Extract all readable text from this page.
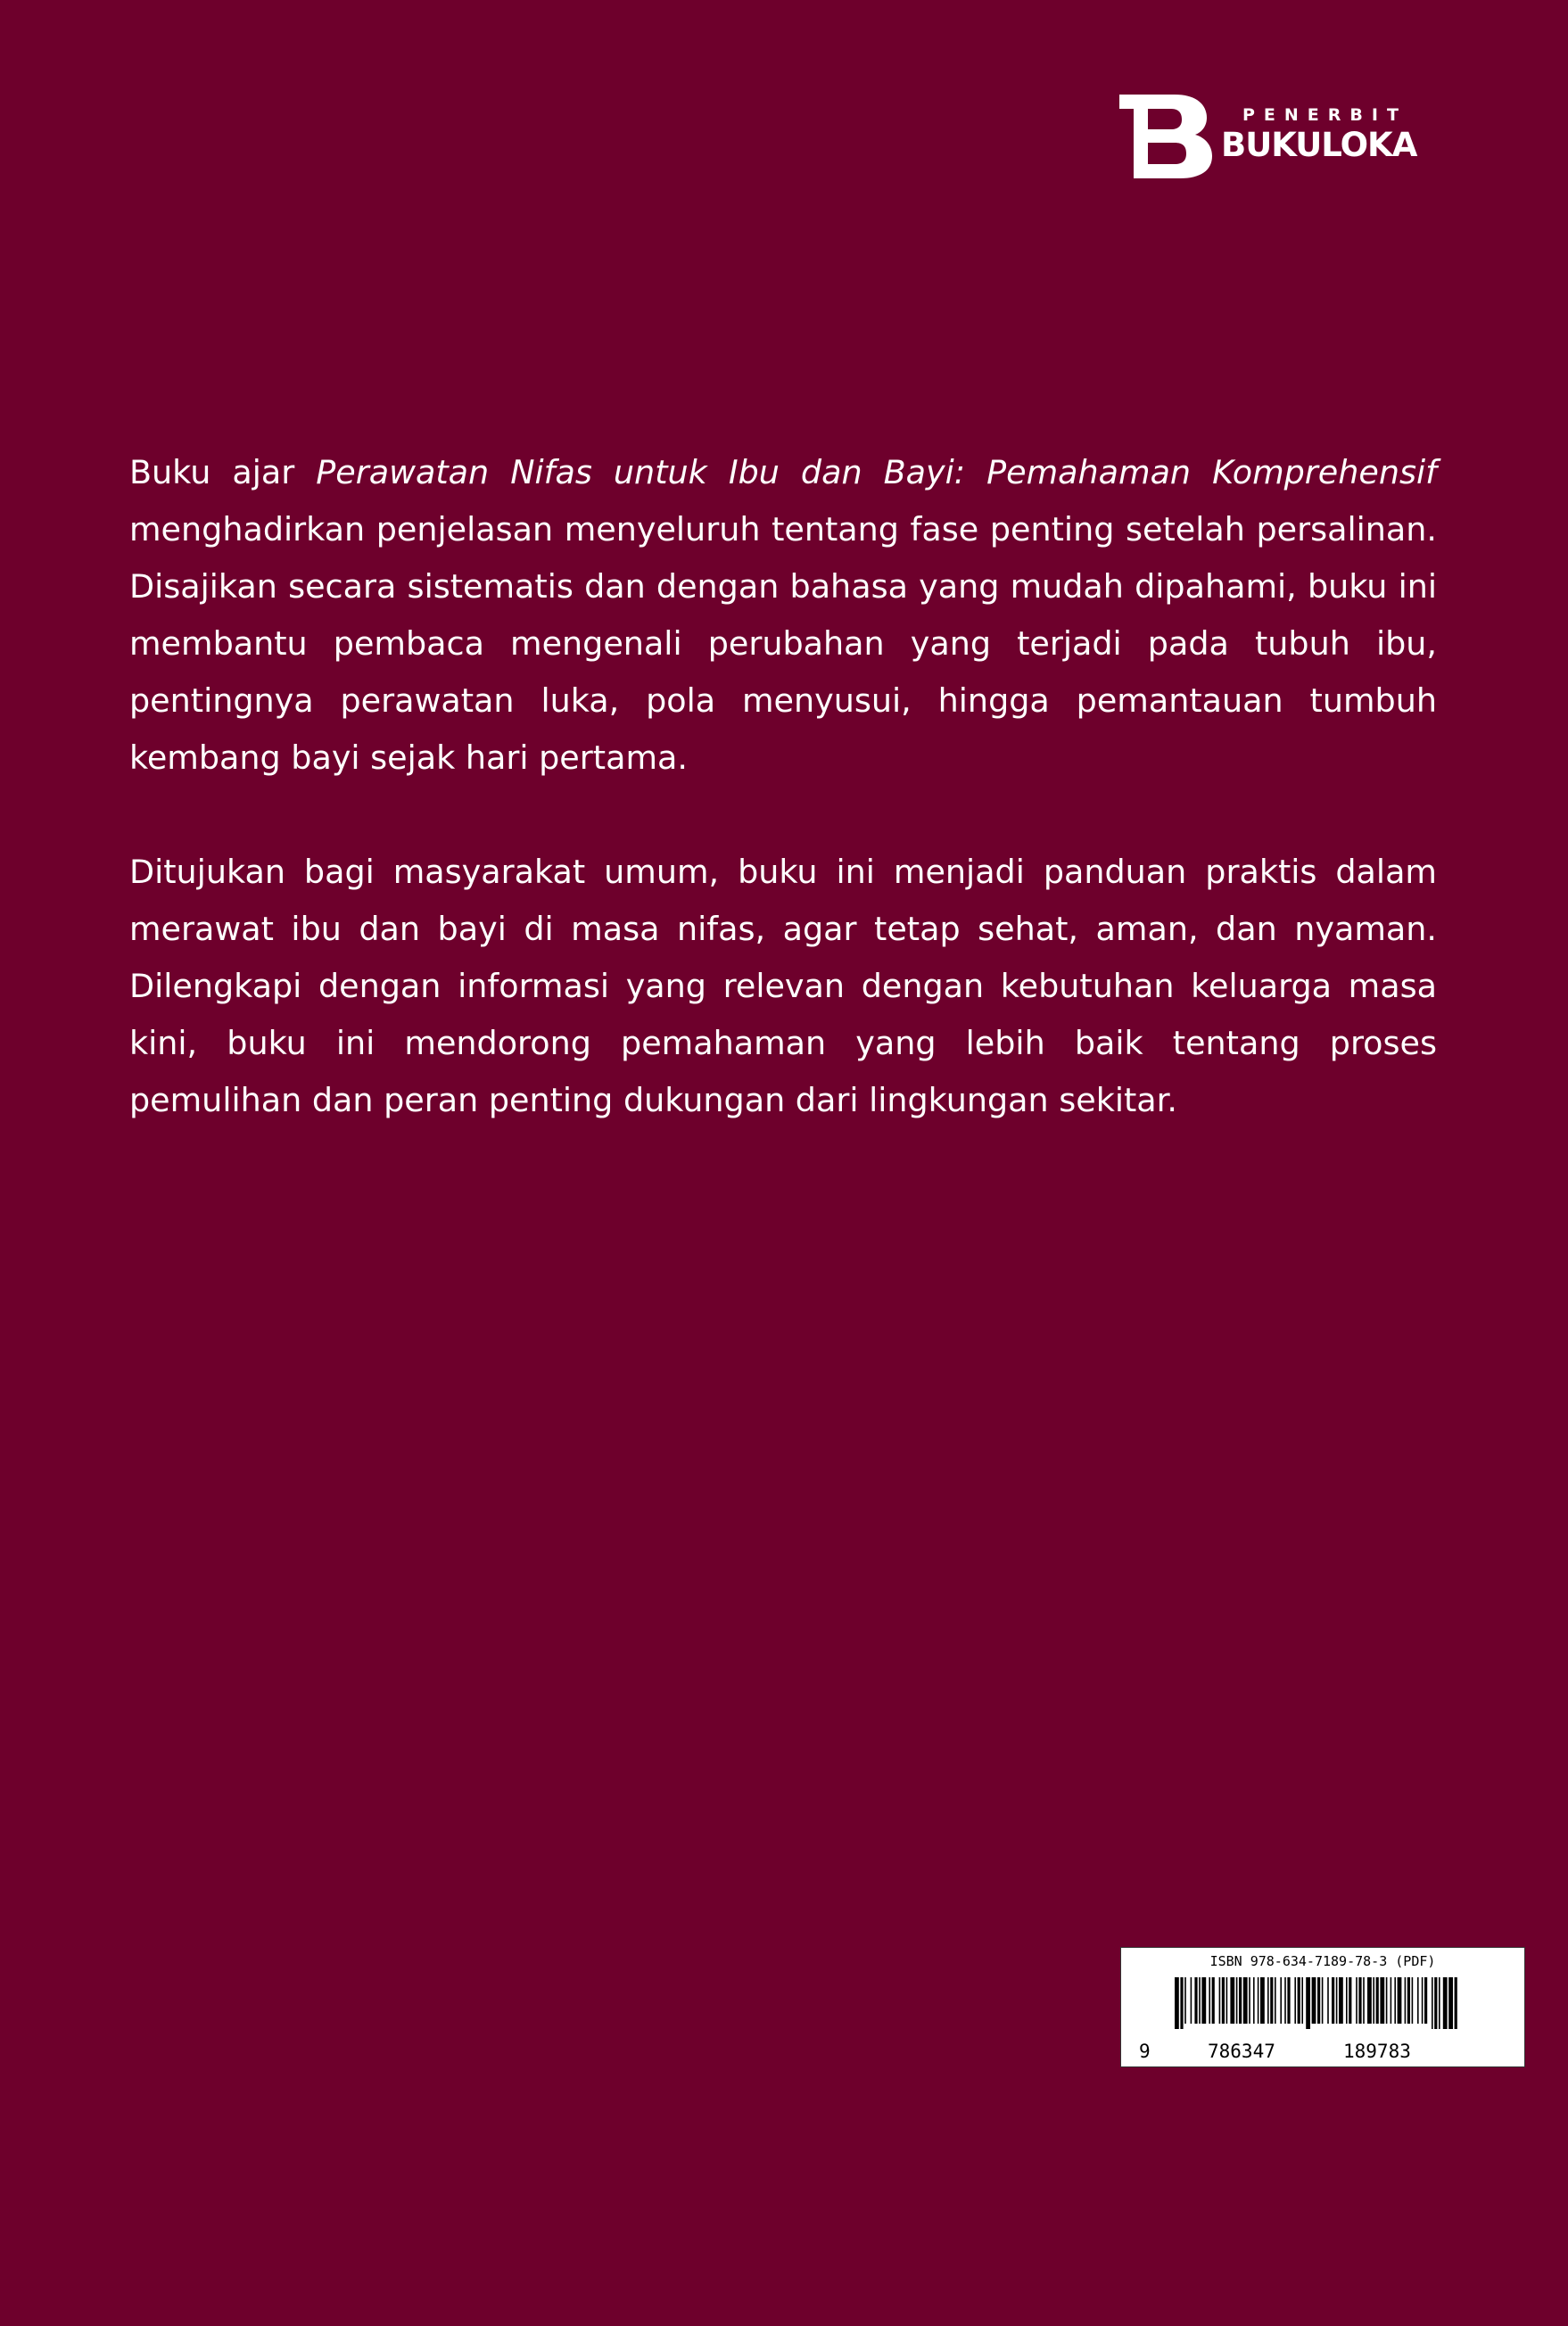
PENERBIT
BUKULOKA

Buku ajar Perawatan Nifas untuk Ibu dan Bayi: Pemahaman Komprehensif menghadirkan penjelasan menyeluruh tentang fase penting setelah persalinan. Disajikan secara sistematis dan dengan bahasa yang mudah dipahami, buku ini membantu pembaca mengenali perubahan yang terjadi pada tubuh ibu, pentingnya perawatan luka, pola menyusui, hingga pemantauan tumbuh kembang bayi sejak hari pertama.

Ditujukan bagi masyarakat umum, buku ini menjadi panduan praktis dalam merawat ibu dan bayi di masa nifas, agar tetap sehat, aman, dan nyaman. Dilengkapi dengan informasi yang relevan dengan kebutuhan keluarga masa kini, buku ini mendorong pemahaman yang lebih baik tentang proses pemulihan dan peran penting dukungan dari lingkungan sekitar.

ISBN 978-634-7189-78-3 (PDF)
9	786347	189783
